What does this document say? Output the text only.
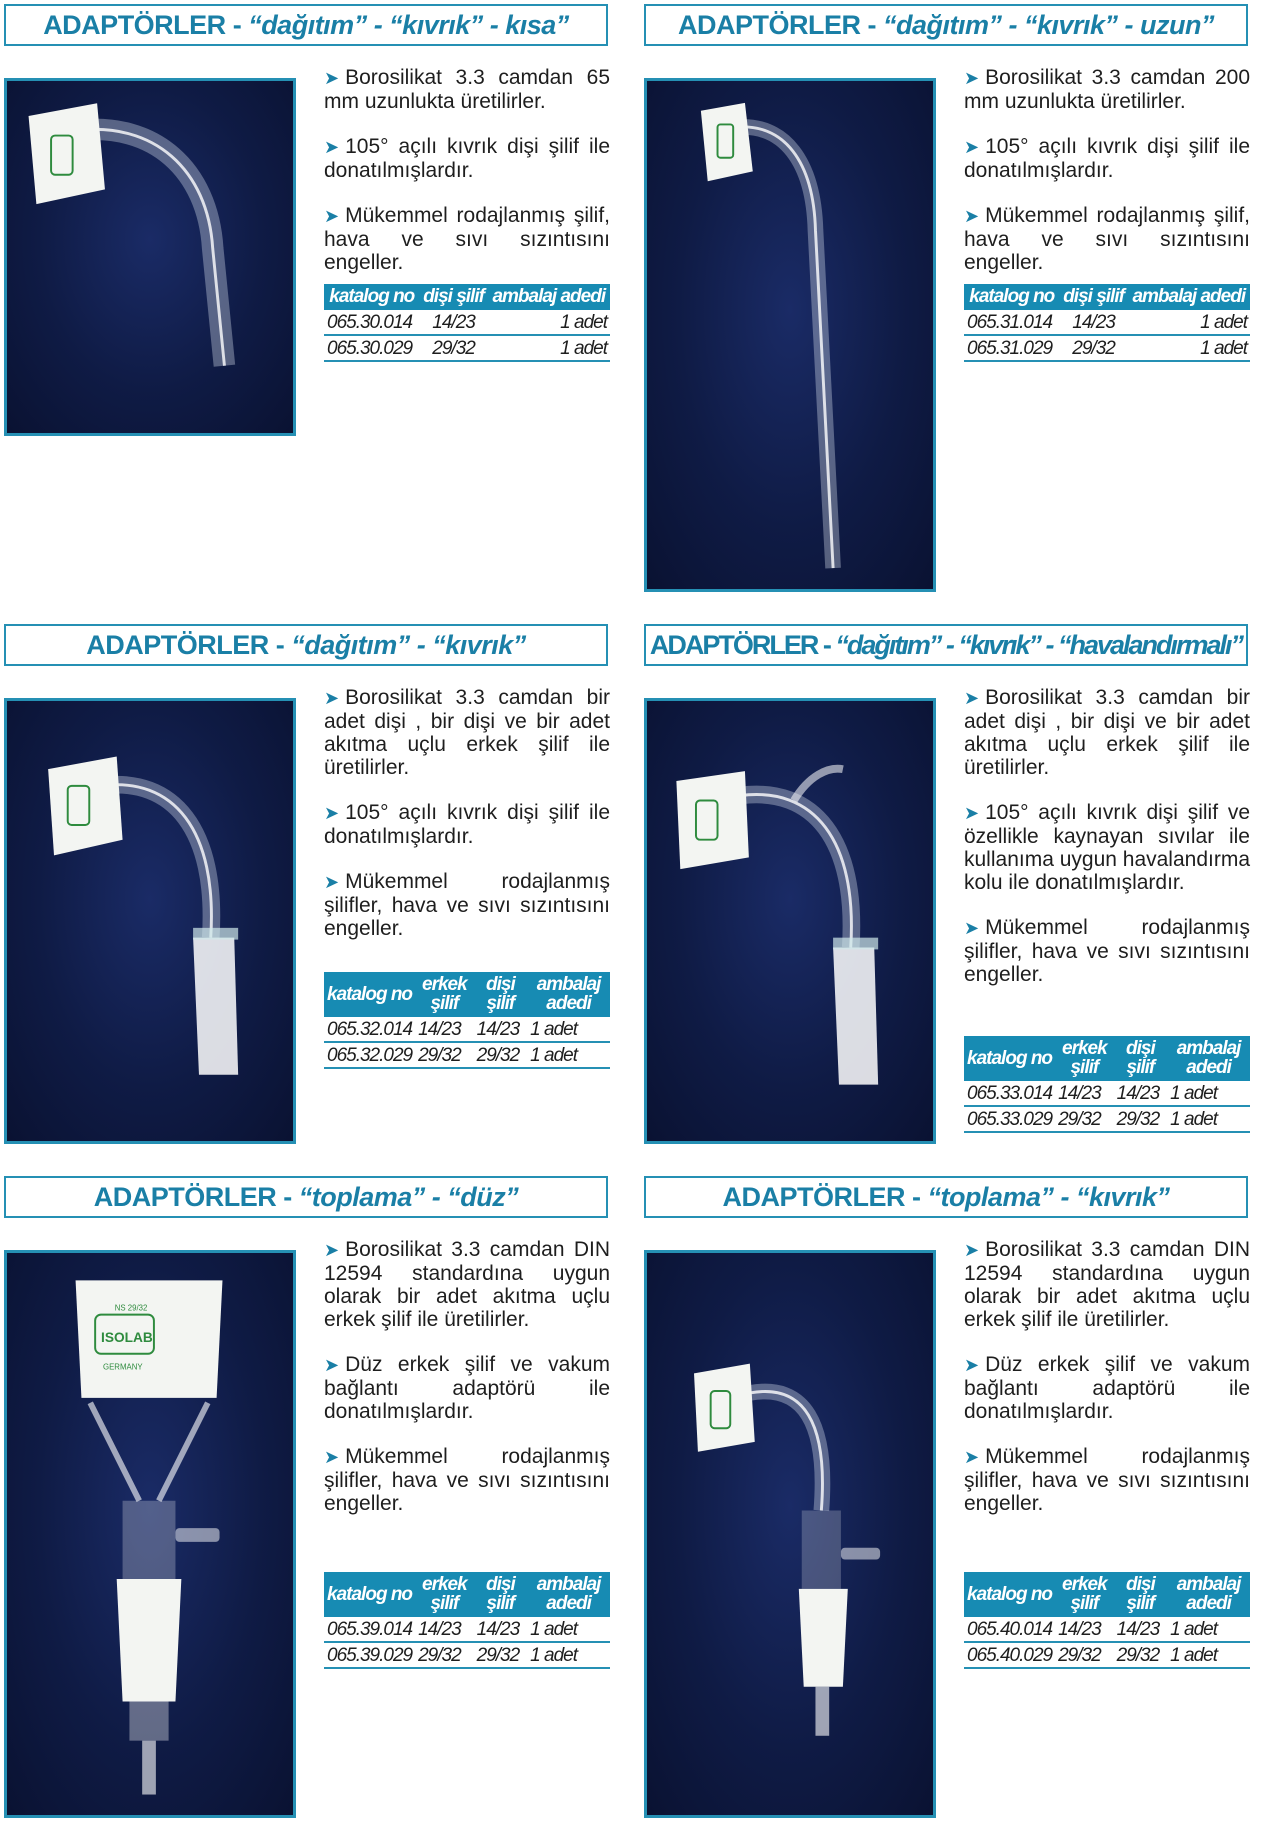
ADAPTÖRLER - “dağıtım” - “kıvrık” - kısa”

➤ Borosilikat 3.3 camdan 65 mm uzunlukta üretilirler.

➤ 105° açılı kıvrık dişi şilif ile donatılmışlardır.

➤ Mükemmel rodajlanmış şilif, hava ve sıvı sızıntısını engeller.

katalog no	dişi şilif	ambalaj adedi
065.30.014	14/23	1 adet
065.30.029	29/32	1 adet
ADAPTÖRLER - “dağıtım” - “kıvrık” - uzun”

➤ Borosilikat 3.3 camdan 200 mm uzunlukta üretilirler.

➤ 105° açılı kıvrık dişi şilif ile donatılmışlardır.

➤ Mükemmel rodajlanmış şilif, hava ve sıvı sızıntısını engeller.

katalog no	dişi şilif	ambalaj adedi
065.31.014	14/23	1 adet
065.31.029	29/32	1 adet
ADAPTÖRLER - “dağıtım” - “kıvrık”

➤ Borosilikat 3.3 camdan bir adet dişi , bir dişi ve bir adet akıtma uçlu erkek şilif ile üretilirler.

➤ 105° açılı kıvrık dişi şilif ile donatılmışlardır.

➤ Mükemmel rodajlanmış şilifler, hava ve sıvı sızıntısını engeller.

katalog no	erkek şilif	dişi şilif	ambalaj adedi
065.32.014	14/23	14/23	1 adet
065.32.029	29/32	29/32	1 adet
ADAPTÖRLER - “dağıtım” - “kıvrık” - “havalandırmalı”

➤ Borosilikat 3.3 camdan bir adet dişi , bir dişi ve bir adet akıtma uçlu erkek şilif ile üretilirler.

➤ 105° açılı kıvrık dişi şilif ve özellikle kaynayan sıvılar ile kullanıma uygun havalandırma kolu ile donatılmışlardır.

➤ Mükemmel rodajlanmış şilifler, hava ve sıvı sızıntısını engeller.

katalog no	erkek şilif	dişi şilif	ambalaj adedi
065.33.014	14/23	14/23	1 adet
065.33.029	29/32	29/32	1 adet
ADAPTÖRLER - “toplama” - “düz”
ISOLAB
GERMANY
NS 29/32

➤ Borosilikat 3.3 camdan DIN 12594 standardına uygun olarak bir adet akıtma uçlu erkek şilif ile üretilirler.

➤ Düz erkek şilif ve vakum bağlantı adaptörü ile donatılmışlardır.

➤ Mükemmel rodajlanmış şilifler, hava ve sıvı sızıntısını engeller.

katalog no	erkek şilif	dişi şilif	ambalaj adedi
065.39.014	14/23	14/23	1 adet
065.39.029	29/32	29/32	1 adet
ADAPTÖRLER - “toplama” - “kıvrık”

➤ Borosilikat 3.3 camdan DIN 12594 standardına uygun olarak bir adet akıtma uçlu erkek şilif ile üretilirler.

➤ Düz erkek şilif ve vakum bağlantı adaptörü ile donatılmışlardır.

➤ Mükemmel rodajlanmış şilifler, hava ve sıvı sızıntısını engeller.

katalog no	erkek şilif	dişi şilif	ambalaj adedi
065.40.014	14/23	14/23	1 adet
065.40.029	29/32	29/32	1 adet
